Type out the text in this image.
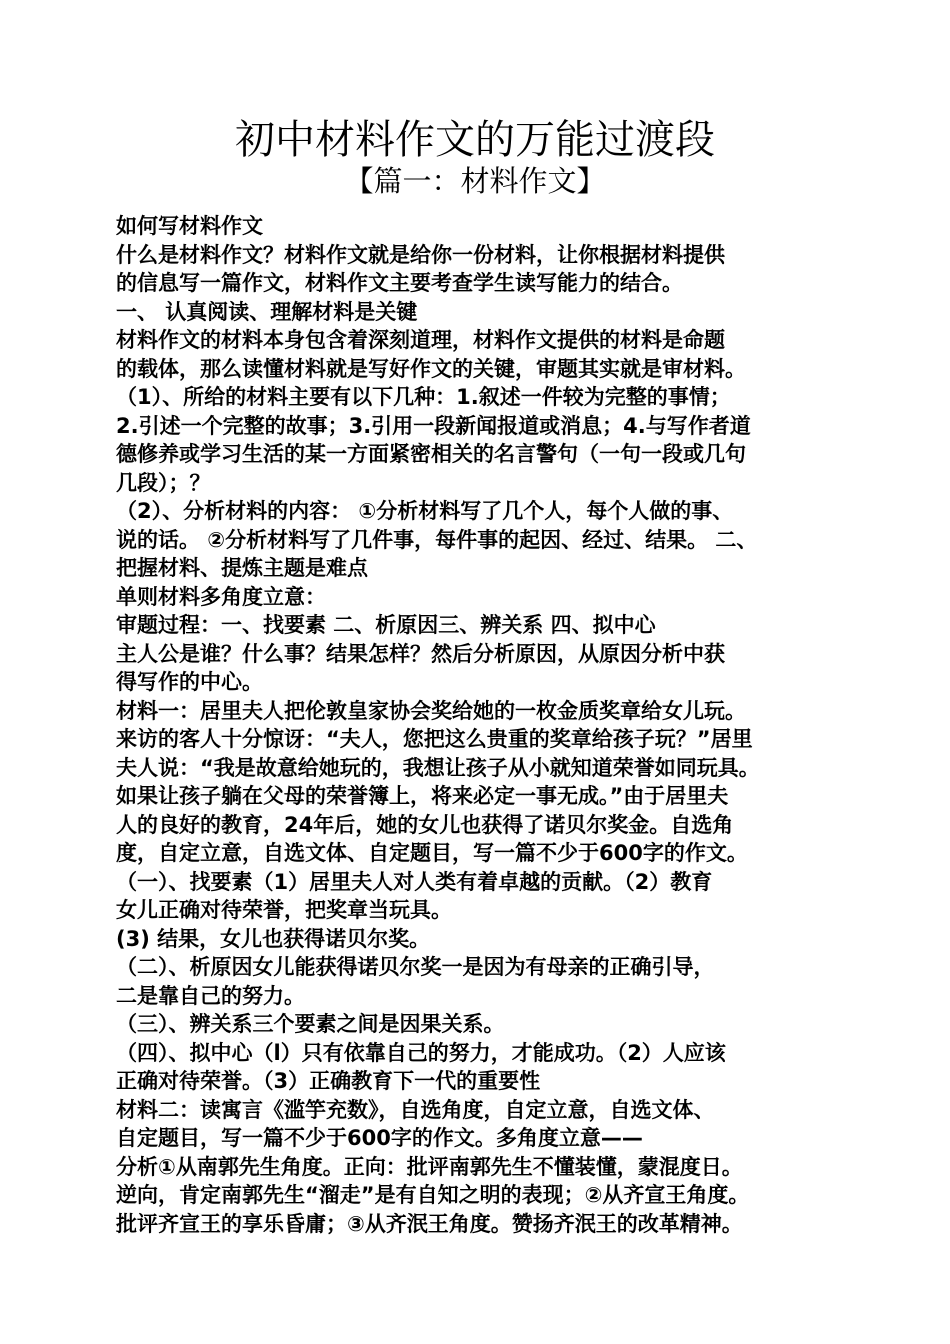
初中材料作文的万能过渡段
【篇一：材料作文】

如何写材料作文

什么是材料作文？材料作文就是给你一份材料，让你根据材料提供

的信息写一篇作文，材料作文主要考查学生读写能力的结合。

一、 认真阅读、理解材料是关键

材料作文的材料本身包含着深刻道理，材料作文提供的材料是命题

的载体，那么读懂材料就是写好作文的关键，审题其实就是审材料。

（1）、所给的材料主要有以下几种：1.叙述一件较为完整的事情；

2.引述一个完整的故事；3.引用一段新闻报道或消息；4.与写作者道

德修养或学习生活的某一方面紧密相关的名言警句（一句一段或几句

几段）；？

（2）、分析材料的内容： ①分析材料写了几个人，每个人做的事、

说的话。 ②分析材料写了几件事，每件事的起因、经过、结果。 二、

把握材料、提炼主题是难点

单则材料多角度立意：

审题过程：一、找要素 二、析原因三、辨关系 四、拟中心

主人公是谁？什么事？结果怎样？然后分析原因，从原因分析中获

得写作的中心。

材料一：居里夫人把伦敦皇家协会奖给她的一枚金质奖章给女儿玩。

来访的客人十分惊讶：“夫人，您把这么贵重的奖章给孩子玩？”居里

夫人说：“我是故意给她玩的，我想让孩子从小就知道荣誉如同玩具。

如果让孩子躺在父母的荣誉簿上，将来必定一事无成。”由于居里夫

人的良好的教育，24年后，她的女儿也获得了诺贝尔奖金。自选角

度，自定立意，自选文体、自定题目，写一篇不少于600字的作文。

（一）、找要素（1）居里夫人对人类有着卓越的贡献。（2）教育

女儿正确对待荣誉，把奖章当玩具。

(3) 结果，女儿也获得诺贝尔奖。

（二）、析原因女儿能获得诺贝尔奖一是因为有母亲的正确引导，

二是靠自己的努力。

（三）、辨关系三个要素之间是因果关系。

（四）、拟中心（l）只有依靠自己的努力，才能成功。（2）人应该

正确对待荣誉。（3）正确教育下一代的重要性

材料二：读寓言《滥竽充数》，自选角度，自定立意，自选文体、

自定题目，写一篇不少于600字的作文。多角度立意——

分析①从南郭先生角度。正向：批评南郭先生不懂装懂，蒙混度日。

逆向，肯定南郭先生“溜走”是有自知之明的表现；②从齐宣王角度。

批评齐宣王的享乐昏庸；③从齐泯王角度。赞扬齐泯王的改革精神。
